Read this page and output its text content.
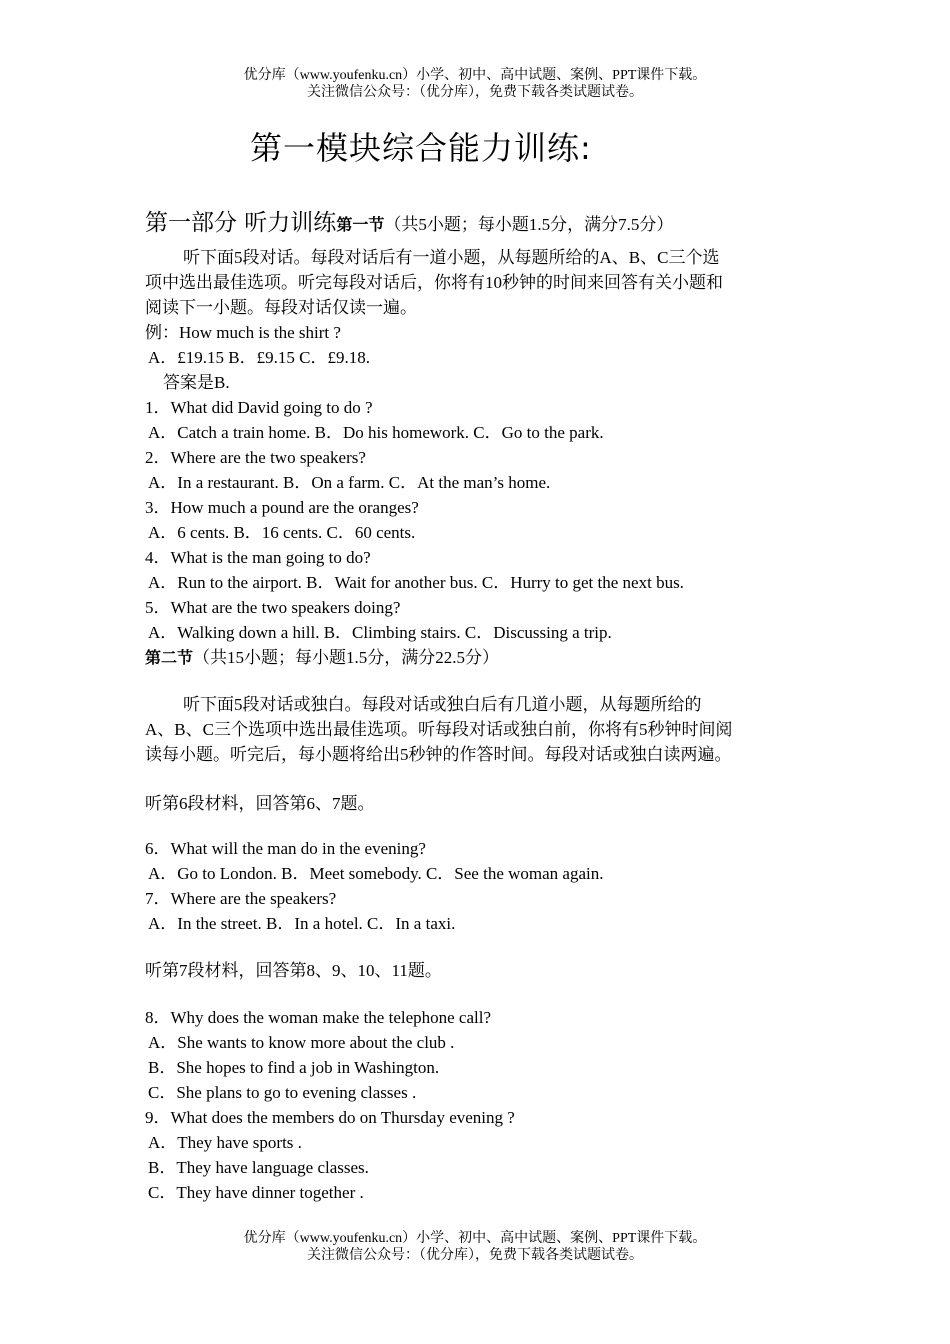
优分库（www.youfenku.cn）小学、初中、高中试题、案例、PPT课件下载。
关注微信公众号：（优分库），免费下载各类试题试卷。
第一模块综合能力训练:
第一部分 听力训练第一节（共5小题；每小题1.5分，满分7.5分）
听下面5段对话。每段对话后有一道小题，从每题所给的A、B、C三个选
项中选出最佳选项。听完每段对话后，你将有10秒钟的时间来回答有关小题和
阅读下一小题。每段对话仅读一遍。
例：How much is the shirt ?
A．£19.15 B．£9.15 C．£9.18.
答案是B.
1．What did David going to do ?
A．Catch a train home. B．Do his homework. C．Go to the park.
2．Where are the two speakers?
A．In a restaurant. B．On a farm. C．At the man’s home.
3．How much a pound are the oranges?
A．6 cents. B．16 cents. C．60 cents.
4．What is the man going to do?
A．Run to the airport. B．Wait for another bus. C．Hurry to get the next bus.
5．What are the two speakers doing?
A．Walking down a hill. B．Climbing stairs. C．Discussing a trip.
第二节（共15小题；每小题1.5分，满分22.5分）
听下面5段对话或独白。每段对话或独白后有几道小题，从每题所给的
A、B、C三个选项中选出最佳选项。听每段对话或独白前，你将有5秒钟时间阅
读每小题。听完后，每小题将给出5秒钟的作答时间。每段对话或独白读两遍。
听第6段材料，回答第6、7题。
6．What will the man do in the evening?
A．Go to London. B．Meet somebody. C．See the woman again.
7．Where are the speakers?
A．In the street. B．In a hotel. C．In a taxi.
听第7段材料，回答第8、9、10、11题。
8．Why does the woman make the telephone call?
A．She wants to know more about the club .
B．She hopes to find a job in Washington.
C．She plans to go to evening classes .
9．What does the members do on Thursday evening ?
A．They have sports .
B．They have language classes.
C．They have dinner together .
优分库（www.youfenku.cn）小学、初中、高中试题、案例、PPT课件下载。
关注微信公众号：（优分库），免费下载各类试题试卷。
